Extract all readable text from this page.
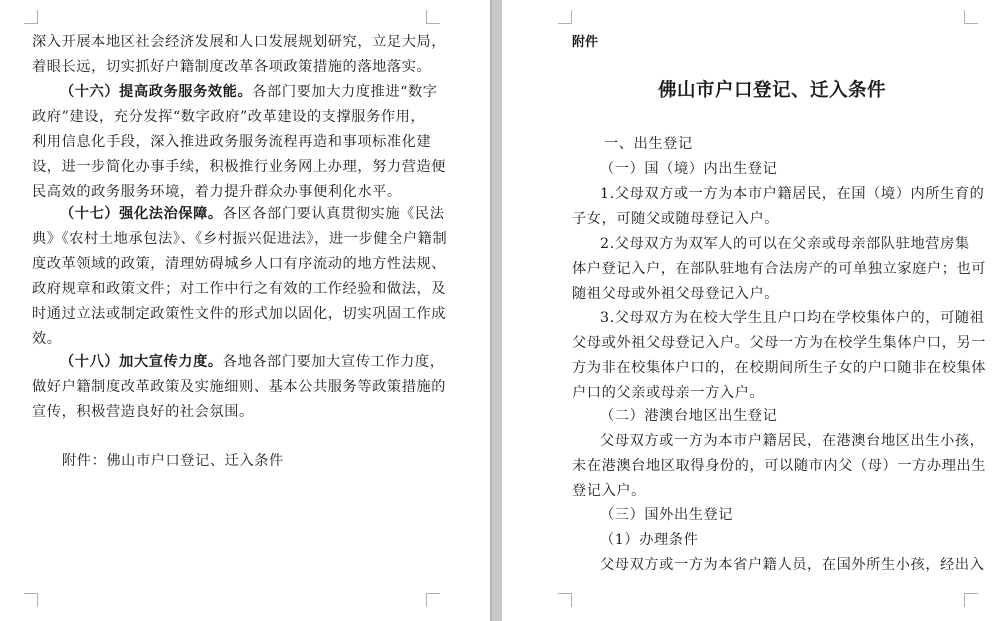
深入开展本地区社会经济发展和人口发展规划研究，立足大局，
着眼长远，切实抓好户籍制度改革各项政策措施的落地落实。
（十六）提高政务服务效能。各部门要加大力度推进“数字
政府”建设，充分发挥“数字政府”改革建设的支撑服务作用，
利用信息化手段，深入推进政务服务流程再造和事项标准化建
设，进一步简化办事手续，积极推行业务网上办理，努力营造便
民高效的政务服务环境，着力提升群众办事便利化水平。
（十七）强化法治保障。各区各部门要认真贯彻实施《民法
典》《农村土地承包法》、《乡村振兴促进法》，进一步健全户籍制
度改革领域的政策，清理妨碍城乡人口有序流动的地方性法规、
政府规章和政策文件；对工作中行之有效的工作经验和做法，及
时通过立法或制定政策性文件的形式加以固化，切实巩固工作成
效。
（十八）加大宣传力度。各地各部门要加大宣传工作力度，
做好户籍制度改革政策及实施细则、基本公共服务等政策措施的
宣传，积极营造良好的社会氛围。
附件：佛山市户口登记、迁入条件
附件
佛山市户口登记、迁入条件
一、出生登记
（一）国（境）内出生登记
1.父母双方或一方为本市户籍居民，在国（境）内所生育的
子女，可随父或随母登记入户。
2.父母双方为双军人的可以在父亲或母亲部队驻地营房集
体户登记入户，在部队驻地有合法房产的可单独立家庭户；也可
随祖父母或外祖父母登记入户。
3.父母双方为在校大学生且户口均在学校集体户的，可随祖
父母或外祖父母登记入户。父母一方为在校学生集体户口，另一
方为非在校集体户口的，在校期间所生子女的户口随非在校集体
户口的父亲或母亲一方入户。
（二）港澳台地区出生登记
父母双方或一方为本市户籍居民，在港澳台地区出生小孩，
未在港澳台地区取得身份的，可以随市内父（母）一方办理出生
登记入户。
（三）国外出生登记
（1）办理条件
父母双方或一方为本省户籍人员，在国外所生小孩，经出入
